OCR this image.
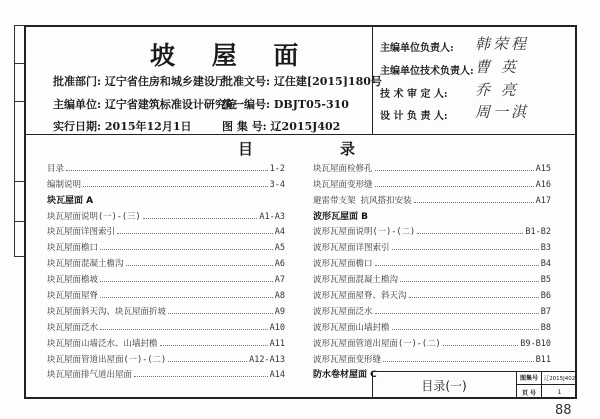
坡 屋 面
批准部门: 辽宁省住房和城乡建设厅
批准文号: 辽住建[2015]180号
主编单位: 辽宁省建筑标准设计研究院
统一编号: DBJT05-310
实行日期: 2015年12月1日	图 集 号: 辽2015J402
主编单位负责人: 韩荣程
主编单位技术负责人: 曹 英
技 术 审 定 人: 乔 亮
设 计 负 责 人: 周一淇
目	录
目录	1-2
编制说明	3-4
块瓦屋面 A
块瓦屋面说明(一)-(三)	A1-A3
块瓦屋面详图索引	A4
块瓦屋面檐口	A5
块瓦屋面混凝土檐沟	A6
块瓦屋面檐坡	A7
块瓦屋面屋脊	A8
块瓦屋面斜天沟、块瓦屋面折坡	A9
块瓦屋面泛水	A10
块瓦屋面山墙泛水、山墙封檐	A11
块瓦屋面管道出屋面(一)-(二)	A12-A13
块瓦屋面排气道出屋面	A14
块瓦屋面检修孔	A15
块瓦屋面变形缝	A16
避雷带支架 抗风搭扣安装	A17
波形瓦屋面 B
波形瓦屋面说明(一)-(二)	B1-B2
波形瓦屋面详图索引	B3
波形瓦屋面檐口	B4
波形瓦屋面混凝土檐沟	B5
波形瓦屋面屋脊、斜天沟	B6
波形瓦屋面泛水	B7
波形瓦屋面山墙封檐	B8
波形瓦屋面管道出屋面(一)-(二)	B9-B10
波形瓦屋面变形缝	B11
防水卷材屋面 C
目录(一)	图集号	辽2015J402
页 号	1
88
